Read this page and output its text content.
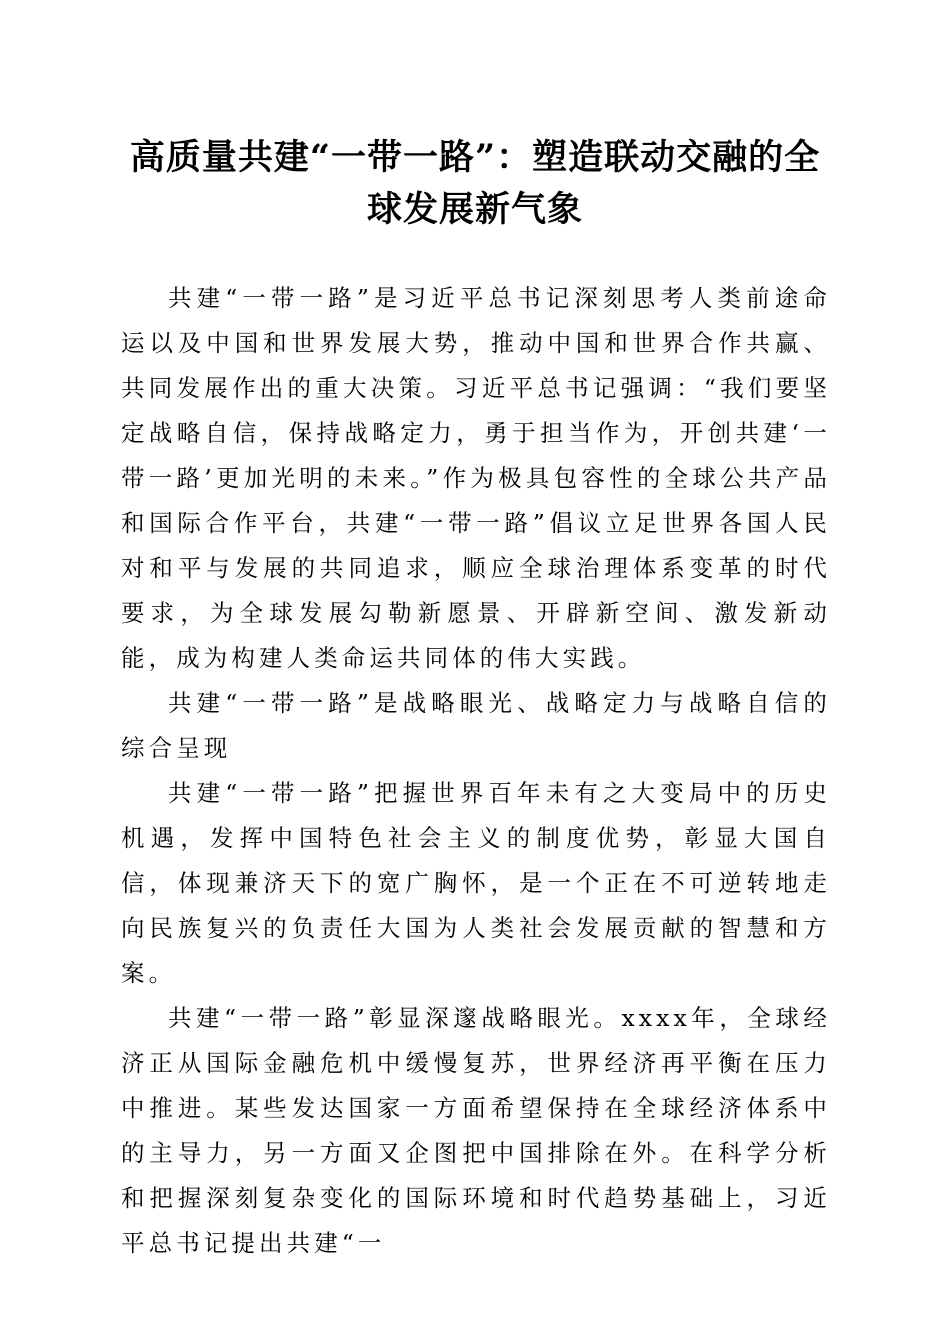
高质量共建“一带一路”：塑造联动交融的全
球发展新气象

共建“一带一路”是习近平总书记深刻思考人类前途命运以及中国和世界发展大势，推动中国和世界合作共赢、共同发展作出的重大决策。习近平总书记强调：“我们要坚定战略自信，保持战略定力，勇于担当作为，开创共建‘一带一路’更加光明的未来。”作为极具包容性的全球公共产品和国际合作平台，共建“一带一路”倡议立足世界各国人民对和平与发展的共同追求，顺应全球治理体系变革的时代要求，为全球发展勾勒新愿景、开辟新空间、激发新动能，成为构建人类命运共同体的伟大实践。

共建“一带一路”是战略眼光、战略定力与战略自信的综合呈现

共建“一带一路”把握世界百年未有之大变局中的历史机遇，发挥中国特色社会主义的制度优势，彰显大国自信，体现兼济天下的宽广胸怀，是一个正在不可逆转地走向民族复兴的负责任大国为人类社会发展贡献的智慧和方案。

共建“一带一路”彰显深邃战略眼光。xxxx年，全球经济正从国际金融危机中缓慢复苏，世界经济再平衡在压力中推进。某些发达国家一方面希望保持在全球经济体系中的主导力，另一方面又企图把中国排除在外。在科学分析和把握深刻复杂变化的国际环境和时代趋势基础上，习近平总书记提出共建“一
